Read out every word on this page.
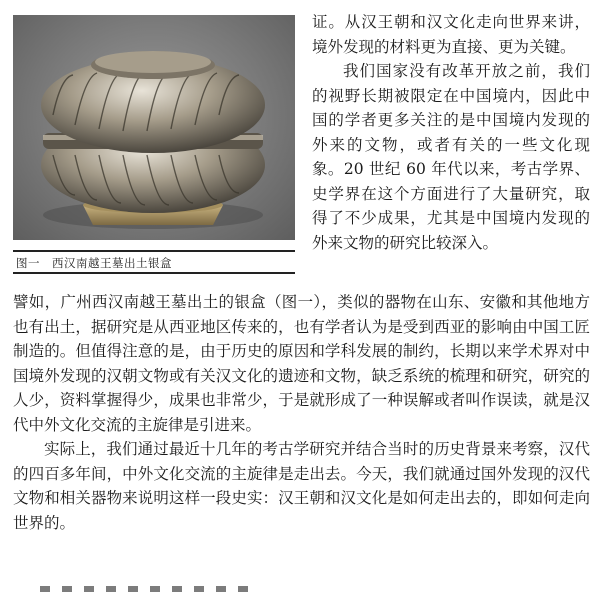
图一 西汉南越王墓出土银盒

证。从汉王朝和汉文化走向世界来讲，境外发现的材料更为直接、更为关键。

我们国家没有改革开放之前，我们的视野长期被限定在中国境内，因此中国的学者更多关注的是中国境内发现的外来的文物，或者有关的一些文化现象。20 世纪 60 年代以来，考古学界、史学界在这个方面进行了大量研究，取得了不少成果，尤其是中国境内发现的外来文物的研究比较深入。

譬如，广州西汉南越王墓出土的银盒（图一），类似的器物在山东、安徽和其他地方也有出土，据研究是从西亚地区传来的，也有学者认为是受到西亚的影响由中国工匠制造的。但值得注意的是，由于历史的原因和学科发展的制约，长期以来学术界对中国境外发现的汉朝文物或有关汉文化的遗迹和文物，缺乏系统的梳理和研究，研究的人少，资料掌握得少，成果也非常少，于是就形成了一种误解或者叫作误读，就是汉代中外文化交流的主旋律是引进来。

实际上，我们通过最近十几年的考古学研究并结合当时的历史背景来考察，汉代的四百多年间，中外文化交流的主旋律是走出去。今天，我们就通过国外发现的汉代文物和相关器物来说明这样一段史实：汉王朝和汉文化是如何走出去的，即如何走向世界的。
